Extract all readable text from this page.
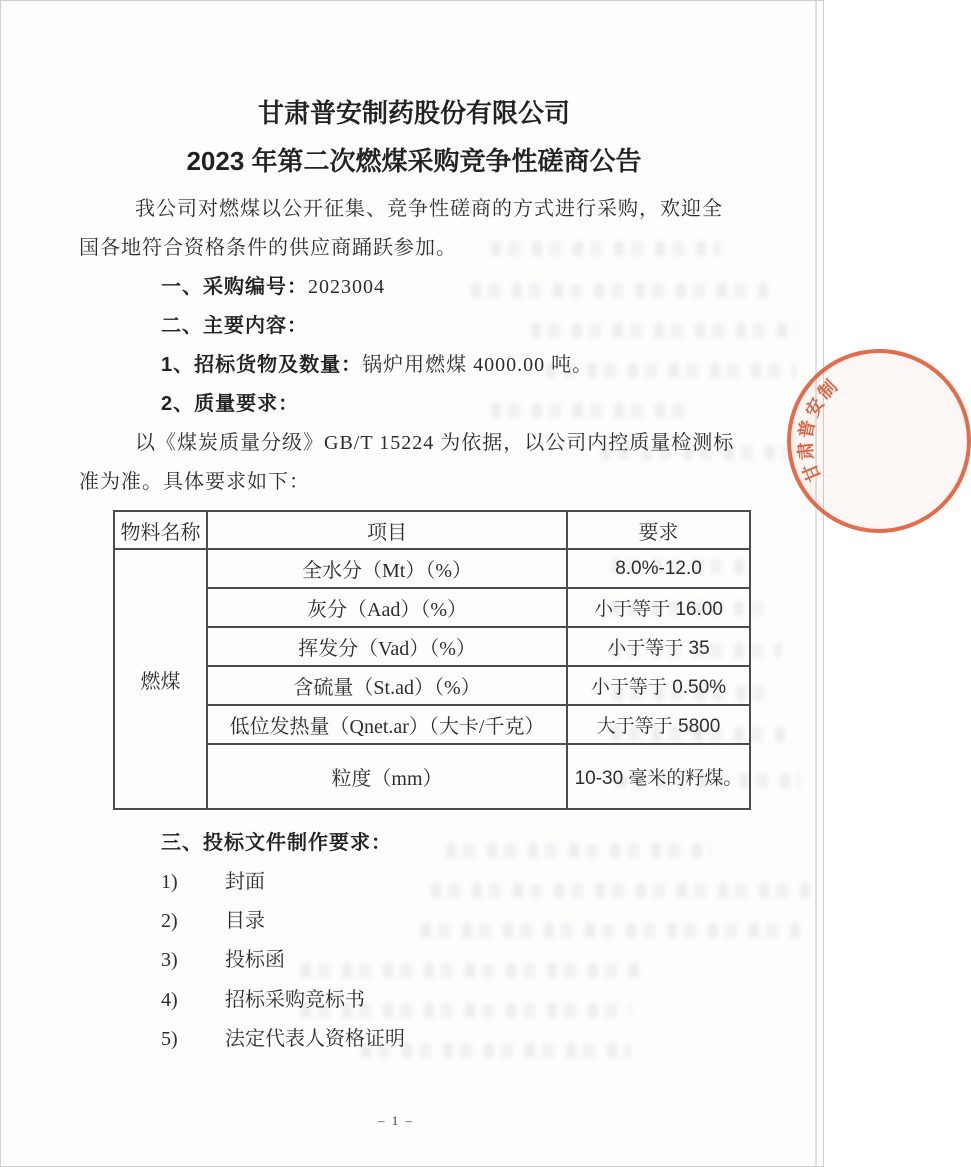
制
安
普
肃
甘
甘肃普安制药股份有限公司
2023 年第二次燃煤采购竞争性磋商公告

我公司对燃煤以公开征集、竞争性磋商的方式进行采购，欢迎全
国各地符合资格条件的供应商踊跃参加。

一、采购编号：2023004

二、主要内容：

1、招标货物及数量：锅炉用燃煤 4000.00 吨。

2、质量要求：

以《煤炭质量分级》GB/T 15224 为依据，以公司内控质量检测标
准为准。具体要求如下：

物料名称	项目	要求
燃煤	全水分（Mt）（%）	8.0%-12.0
	灰分（Aad）（%）	小于等于 16.00
	挥发分（Vad）（%）	小于等于 35
	含硫量（St.ad）（%）	小于等于 0.50%
	低位发热量（Qnet.ar）（大卡/千克）	大于等于 5800
	粒度（mm）	10-30 毫米的籽煤。

三、投标文件制作要求：

1) 封面

2) 目录

3) 投标函

4) 招标采购竞标书

5) 法定代表人资格证明

– 1 –
